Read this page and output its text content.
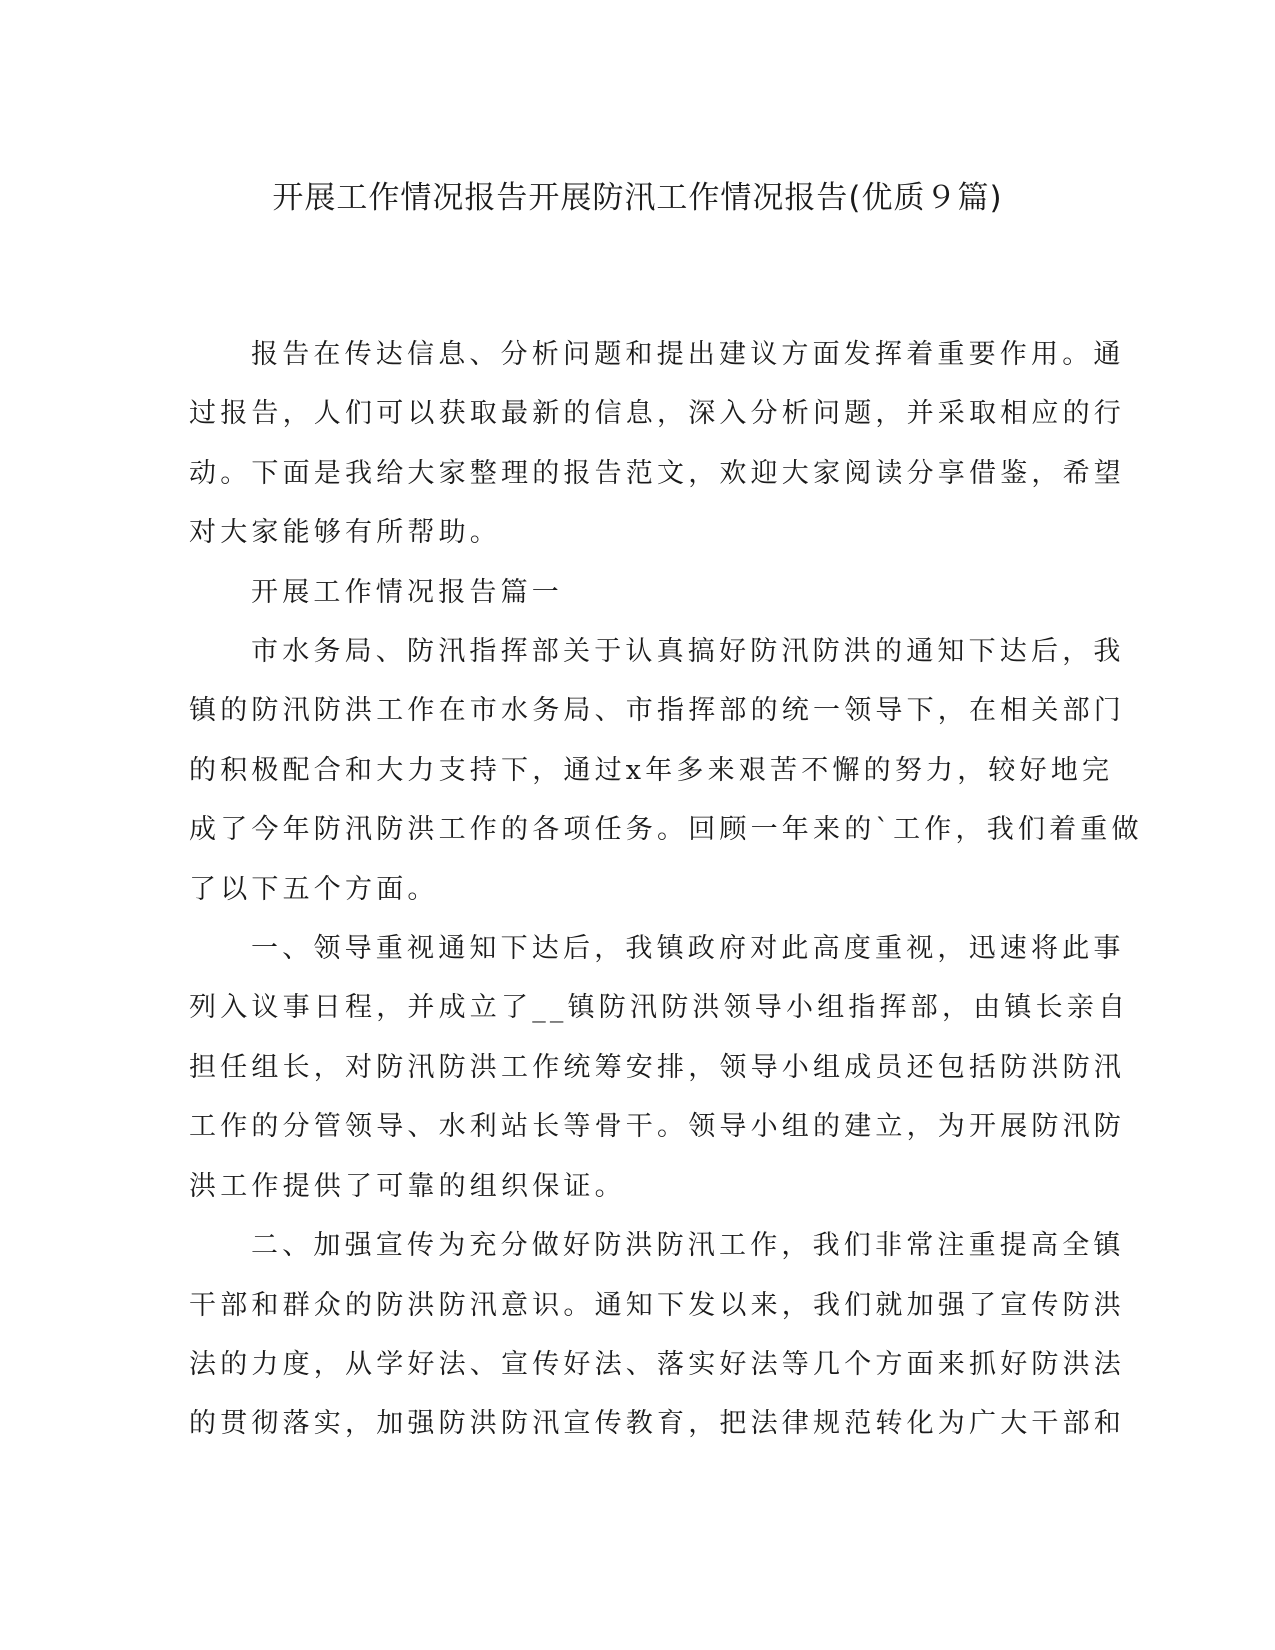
开展工作情况报告开展防汛工作情况报告(优质９篇)
报告在传达信息、分析问题和提出建议方面发挥着重要作用。通
过报告，人们可以获取最新的信息，深入分析问题，并采取相应的行
动。下面是我给大家整理的报告范文，欢迎大家阅读分享借鉴，希望
对大家能够有所帮助。
开展工作情况报告篇一
市水务局、防汛指挥部关于认真搞好防汛防洪的通知下达后，我
镇的防汛防洪工作在市水务局、市指挥部的统一领导下，在相关部门
的积极配合和大力支持下，通过x年多来艰苦不懈的努力，较好地完
成了今年防汛防洪工作的各项任务。回顾一年来的`工作，我们着重做
了以下五个方面。
一、领导重视通知下达后，我镇政府对此高度重视，迅速将此事
列入议事日程，并成立了__镇防汛防洪领导小组指挥部，由镇长亲自
担任组长，对防汛防洪工作统筹安排，领导小组成员还包括防洪防汛
工作的分管领导、水利站长等骨干。领导小组的建立，为开展防汛防
洪工作提供了可靠的组织保证。
二、加强宣传为充分做好防洪防汛工作，我们非常注重提高全镇
干部和群众的防洪防汛意识。通知下发以来，我们就加强了宣传防洪
法的力度，从学好法、宣传好法、落实好法等几个方面来抓好防洪法
的贯彻落实，加强防洪防汛宣传教育，把法律规范转化为广大干部和
